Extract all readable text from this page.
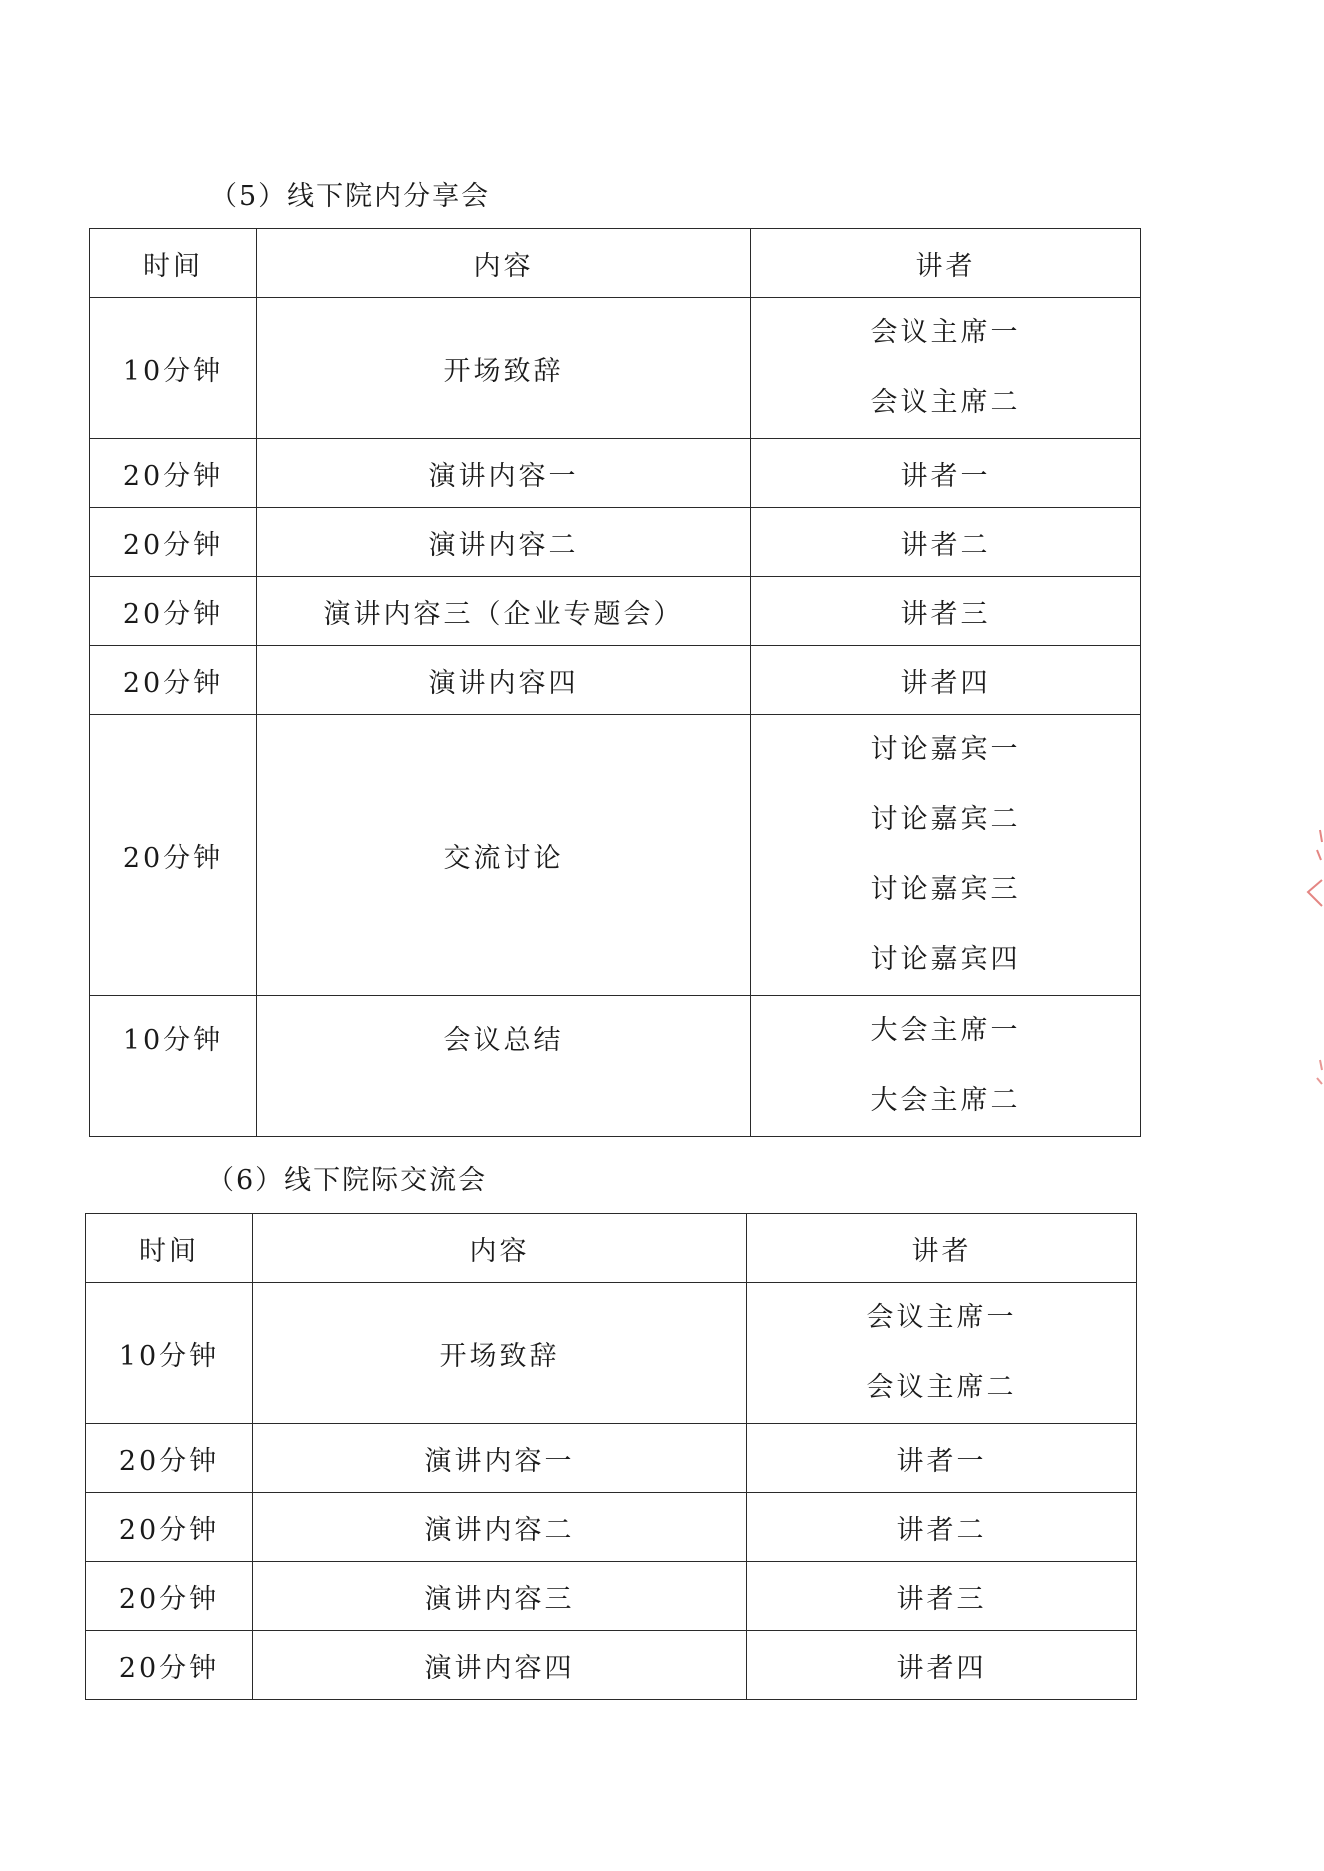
（5）线下院内分享会
时间	内容	讲者
10分钟	开场致辞	会议主席一
会议主席二

20分钟	演讲内容一	讲者一
20分钟	演讲内容二	讲者二
20分钟	演讲内容三（企业专题会）	讲者三
20分钟	演讲内容四	讲者四
20分钟	交流讨论	讨论嘉宾一
讨论嘉宾二
讨论嘉宾三
讨论嘉宾四

10分钟	会议总结	大会主席一
大会主席二
（6）线下院际交流会
时间	内容	讲者
10分钟	开场致辞	会议主席一
会议主席二

20分钟	演讲内容一	讲者一
20分钟	演讲内容二	讲者二
20分钟	演讲内容三	讲者三
20分钟	演讲内容四	讲者四
